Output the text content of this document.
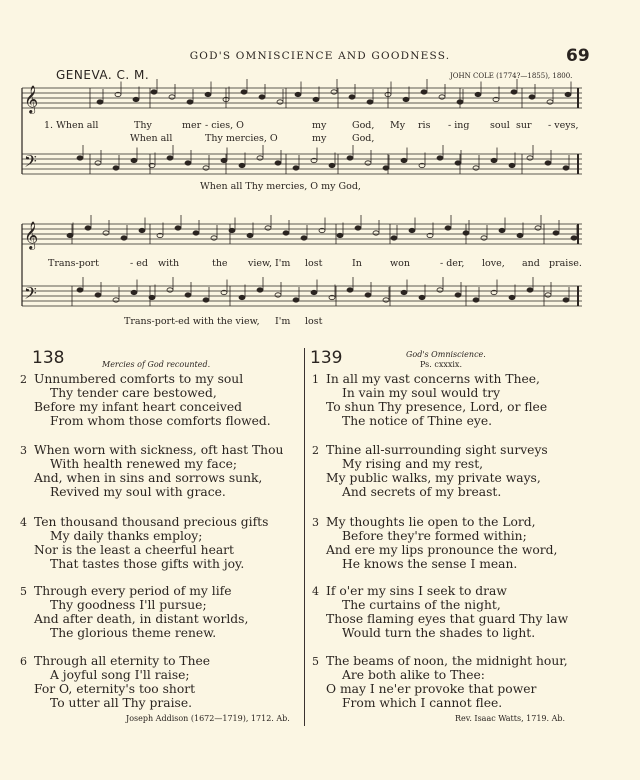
GOD'S OMNISCIENCE AND GOODNESS.	69
GENEVA. C. M.	JOHN COLE (1774?—1855), 1800.
𝄞
𝄢
𝄞
𝄢
1. When all	Thy	mer - cies, O	my	God, My ris - ing soul sur - veys,
When all	Thy mercies, O	my	God,
When all Thy mercies, O my God,
Trans-port	- ed with	the view, I'm lost	In	won	- der, love, and praise.
Trans-port-ed with the view, I'm lost
138	Mercies of God recounted.
2 Unnumbered comforts to my soul
Thy tender care bestowed,
Before my infant heart conceived
From whom those comforts flowed.
3 When worn with sickness, oft hast Thou
With health renewed my face;
And, when in sins and sorrows sunk,
Revived my soul with grace.
4 Ten thousand thousand precious gifts
My daily thanks employ;
Nor is the least a cheerful heart
That tastes those gifts with joy.
5 Through every period of my life
Thy goodness I'll pursue;
And after death, in distant worlds,
The glorious theme renew.
6 Through all eternity to Thee
A joyful song I'll raise;
For O, eternity's too short
To utter all Thy praise.
Joseph Addison (1672—1719), 1712. Ab.
139	God's Omniscience.
Ps. cxxxix.
1 In all my vast concerns with Thee,
In vain my soul would try
To shun Thy presence, Lord, or flee
The notice of Thine eye.
2 Thine all-surrounding sight surveys
My rising and my rest,
My public walks, my private ways,
And secrets of my breast.
3 My thoughts lie open to the Lord,
Before they're formed within;
And ere my lips pronounce the word,
He knows the sense I mean.
4 If o'er my sins I seek to draw
The curtains of the night,
Those flaming eyes that guard Thy law
Would turn the shades to light.
5 The beams of noon, the midnight hour,
Are both alike to Thee:
O may I ne'er provoke that power
From which I cannot flee.
Rev. Isaac Watts, 1719. Ab.
